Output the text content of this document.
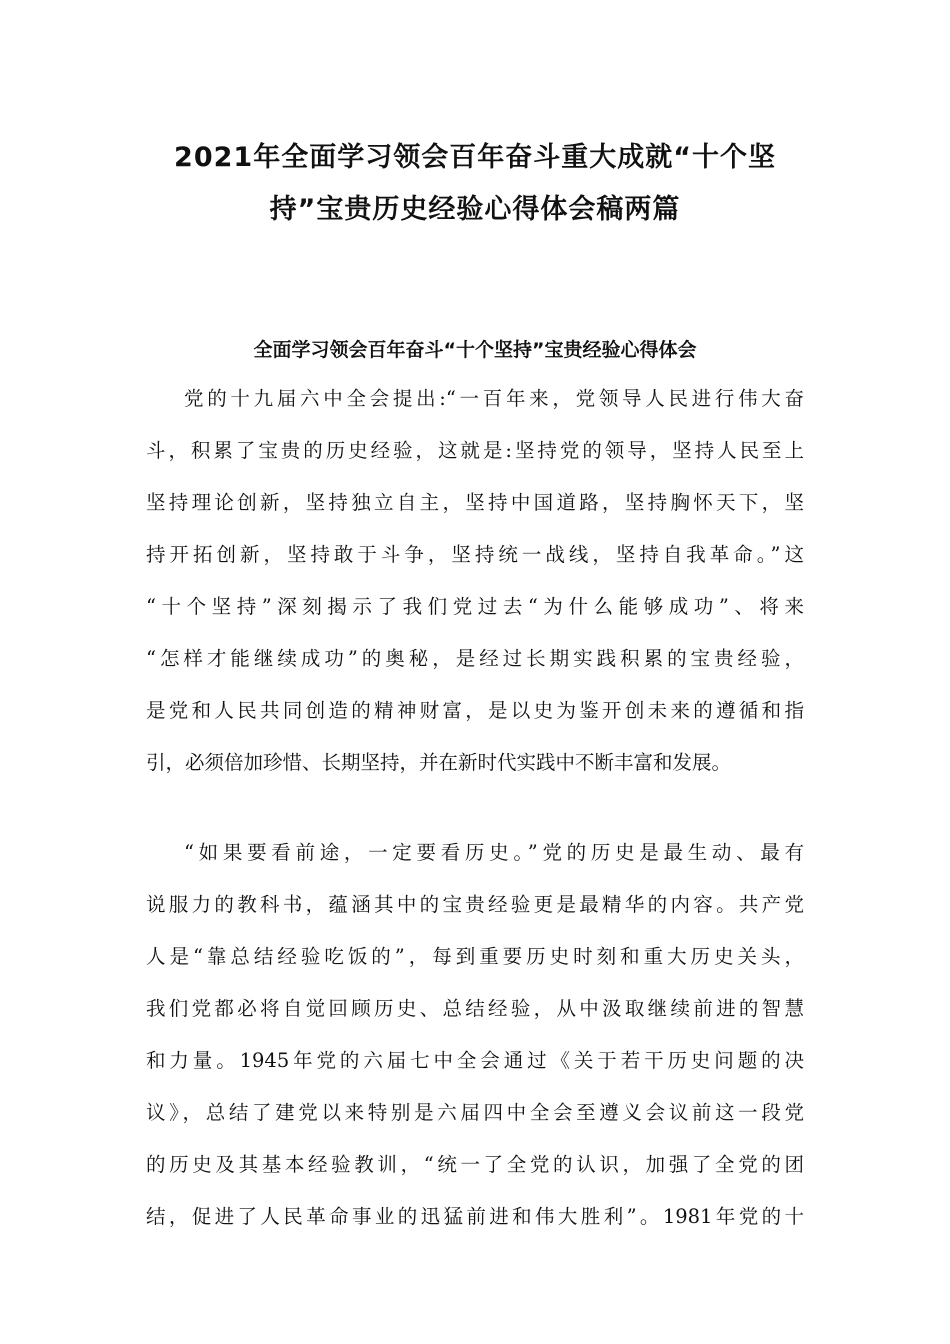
2021年全面学习领会百年奋斗重大成就“十个坚
持”宝贵历史经验心得体会稿两篇
全面学习领会百年奋斗“十个坚持”宝贵经验心得体会

党的十九届六中全会提出:“一百年来，党领导人民进行伟大奋

斗，积累了宝贵的历史经验，这就是:坚持党的领导，坚持人民至上

坚持理论创新，坚持独立自主，坚持中国道路，坚持胸怀天下，坚

持开拓创新，坚持敢于斗争，坚持统一战线，坚持自我革命。”这

“十个坚持”深刻揭示了我们党过去“为什么能够成功”、将来

“怎样才能继续成功”的奥秘，是经过长期实践积累的宝贵经验，

是党和人民共同创造的精神财富，是以史为鉴开创未来的遵循和指

引，必须倍加珍惜、长期坚持，并在新时代实践中不断丰富和发展。

“如果要看前途，一定要看历史。”党的历史是最生动、最有

说服力的教科书，蕴涵其中的宝贵经验更是最精华的内容。共产党

人是“靠总结经验吃饭的”，每到重要历史时刻和重大历史关头，

我们党都必将自觉回顾历史、总结经验，从中汲取继续前进的智慧

和力量。1945年党的六届七中全会通过《关于若干历史问题的决

议》，总结了建党以来特别是六届四中全会至遵义会议前这一段党

的历史及其基本经验教训，“统一了全党的认识，加强了全党的团

结，促进了人民革命事业的迅猛前进和伟大胜利”。1981年党的十
